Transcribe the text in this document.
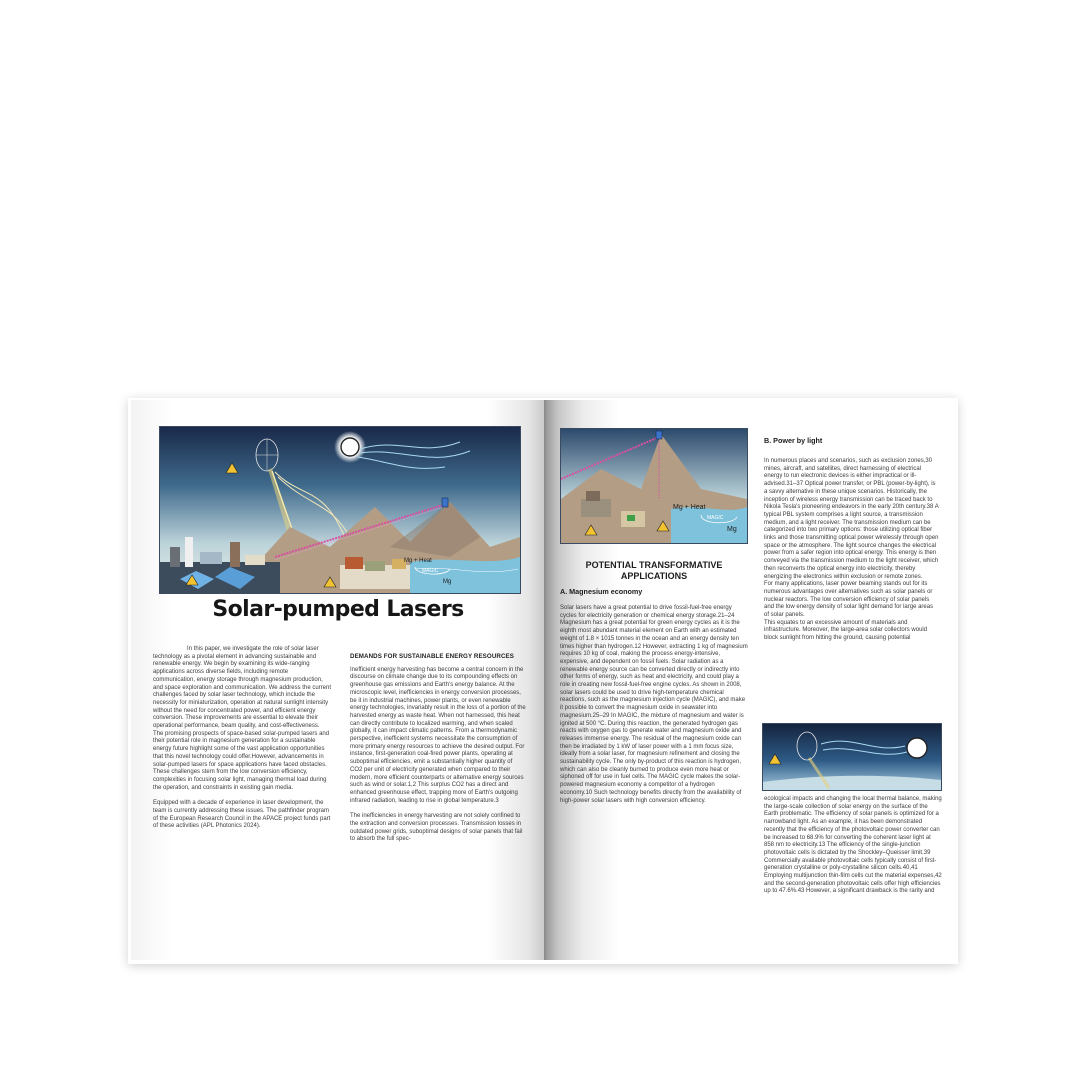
Mg + Heat
MAGIC
Mg
Solar-pumped Lasers

In this paper, we investigate the role of solar laser technology as a pivotal element in advancing sustainable and renewable energy. We begin by examining its wide-ranging applications across diverse fields, including remote communication, energy storage through magnesium production, and space exploration and communication. We address the current challenges faced by solar laser technology, which include the necessity for miniaturization, operation at natural sunlight intensity without the need for concentrated power, and efficient energy conversion. These improvements are essential to elevate their operational performance, beam quality, and cost-effectiveness. The promising prospects of space-based solar-pumped lasers and their potential role in magnesium generation for a sustainable energy future highlight some of the vast application opportunities that this novel technology could offer.However, advancements in solar-pumped lasers for space applications have faced obstacles. These challenges stem from the low conversion efficiency, complexities in focusing solar light, managing thermal load during the operation, and constraints in existing gain media.

Equipped with a decade of experience in laser development, the team is currently addressing these issues. The pathfinder program of the European Research Council in the APACE project funds part of these activities (APL Photonics 2024).

DEMANDS FOR SUSTAINABLE ENERGY RESOURCES

Inefficient energy harvesting has become a central concern in the discourse on climate change due to its compounding effects on greenhouse gas emissions and Earth's energy balance. At the microscopic level, inefficiencies in energy conversion processes, be it in industrial machines, power plants, or even renewable energy technologies, invariably result in the loss of a portion of the harvested energy as waste heat. When not harnessed, this heat can directly contribute to localized warming, and when scaled globally, it can impact climatic patterns. From a thermodynamic perspective, inefficient systems necessitate the consumption of more primary energy resources to achieve the desired output. For instance, first-generation coal-fired power plants, operating at suboptimal efficiencies, emit a substantially higher quantity of CO2 per unit of electricity generated when compared to their modern, more efficient counterparts or alternative energy sources such as wind or solar.1,2 This surplus CO2 has a direct and enhanced greenhouse effect, trapping more of Earth's outgoing infrared radiation, leading to rise in global temperature.3

The inefficiencies in energy harvesting are not solely confined to the extraction and conversion processes. Transmission losses in outdated power grids, suboptimal designs of solar panels that fail to absorb the full spec-

Mg + Heat
MAGIC
Mg
POTENTIAL TRANSFORMATIVE APPLICATIONS
A. Magnesium economy

Solar lasers have a great potential to drive fossil-fuel-free energy cycles for electricity generation or chemical energy storage.21–24 Magnesium has a great potential for green energy cycles as it is the eighth most abundant material element on Earth with an estimated weight of 1.8 × 1015 tonnes in the ocean and an energy density ten times higher than hydrogen.12 However, extracting 1 kg of magnesium requires 10 kg of coal, making the process energy-intensive, expensive, and dependent on fossil fuels. Solar radiation as a renewable energy source can be converted directly or indirectly into other forms of energy, such as heat and electricity, and could play a role in creating new fossil-fuel-free engine cycles. As shown in 2008, solar lasers could be used to drive high-temperature chemical reactions, such as the magnesium injection cycle (MAGIC), and make it possible to convert the magnesium oxide in seawater into magnesium.25–29 In MAGIC, the mixture of magnesium and water is ignited at 500 °C. During this reaction, the generated hydrogen gas reacts with oxygen gas to generate water and magnesium oxide and releases immense energy. The residual of the magnesium oxide can then be irradiated by 1 kW of laser power with a 1 mm focus size, ideally from a solar laser, for magnesium refinement and closing the sustainability cycle. The only by-product of this reaction is hydrogen, which can also be cleanly burned to produce even more heat or siphoned off for use in fuel cells. The MAGIC cycle makes the solar-powered magnesium economy a competitor of a hydrogen economy.10 Such technology benefits directly from the availability of high-power solar lasers with high conversion efficiency.

B. Power by light

In numerous places and scenarios, such as exclusion zones,30 mines, aircraft, and satellites, direct harnessing of electrical energy to run electronic devices is either impractical or ill-advised.31–37 Optical power transfer, or PBL (power-by-light), is a savvy alternative in these unique scenarios. Historically, the inception of wireless energy transmission can be traced back to Nikola Tesla's pioneering endeavors in the early 20th century.38 A typical PBL system comprises a light source, a transmission medium, and a light receiver. The transmission medium can be categorized into two primary options: those utilizing optical fiber links and those transmitting optical power wirelessly through open space or the atmosphere. The light source changes the electrical power from a safer region into optical energy. This energy is then conveyed via the transmission medium to the light receiver, which then reconverts the optical energy into electricity, thereby energizing the electronics within exclusion or remote zones.

For many applications, laser power beaming stands out for its numerous advantages over alternatives such as solar panels or nuclear reactors. The low conversion efficiency of solar panels and the low energy density of solar light demand for large areas of solar panels.

This equates to an excessive amount of materials and infrastructure. Moreover, the large-area solar collectors would block sunlight from hitting the ground, causing potential

ecological impacts and changing the local thermal balance, making the large-scale collection of solar energy on the surface of the Earth problematic. The efficiency of solar panels is optimized for a narrowband light. As an example, it has been demonstrated recently that the efficiency of the photovoltaic power converter can be increased to 68.9% for converting the coherent laser light at 858 nm to electricity.13 The efficiency of the single-junction photovoltaic cells is dictated by the Shockley–Queisser limit.39 Commercially available photovoltaic cells typically consist of first-generation crystalline or poly-crystalline silicon cells.40,41 Employing multijunction thin-film cells cut the material expenses,42 and the second-generation photovoltaic cells offer high efficiencies up to 47.6%.43 However, a significant drawback is the rarity and
